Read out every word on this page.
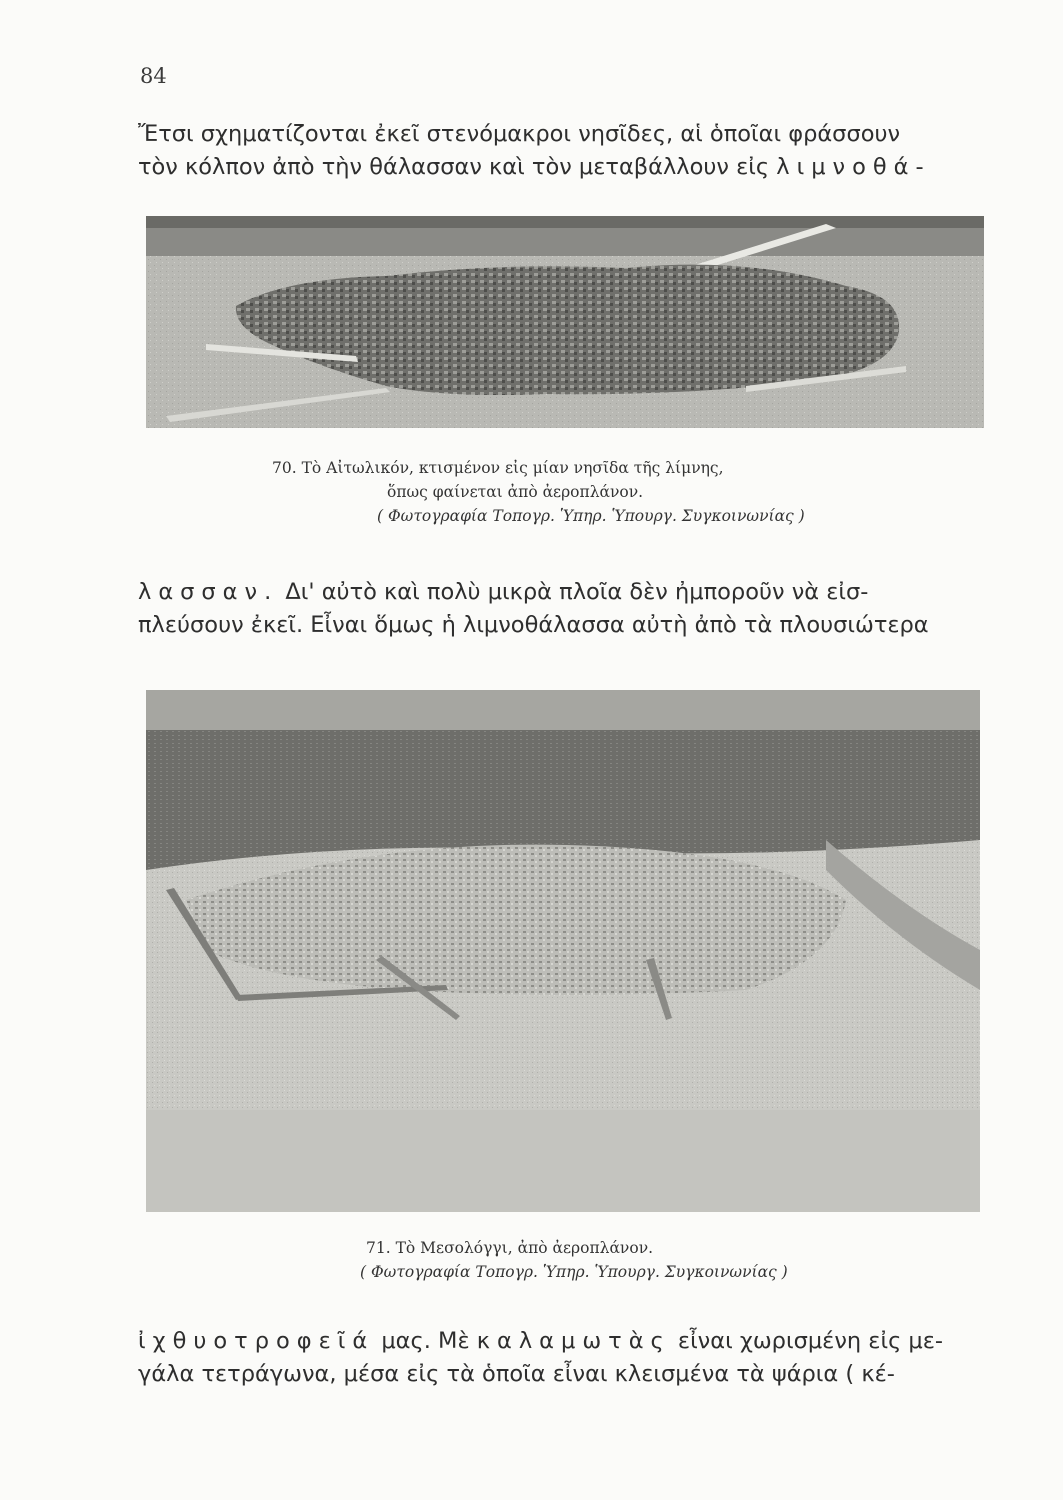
84
Ἔτσι σχηματίζονται ἐκεῖ στενόμακροι νησῖδες, αἱ ὁποῖαι φράσσουν
τὸν κόλπον ἀπὸ τὴν θάλασσαν καὶ τὸν μεταβάλλουν εἰς λιμνοθά-
70. Τὸ Αἰτωλικόν, κτισμένον εἰς μίαν νησῖδα τῆς λίμνης,
ὅπως φαίνεται ἀπὸ ἀεροπλάνον.
( Φωτογραφία Τοπογρ. Ὑπηρ. Ὑπουργ. Συγκοινωνίας )
λασσαν. Δι' αὐτὸ καὶ πολὺ μικρὰ πλοῖα δὲν ἠμποροῦν νὰ εἰσ-
πλεύσουν ἐκεῖ. Εἶναι ὅμως ἡ λιμνοθάλασσα αὐτὴ ἀπὸ τὰ πλουσιώτερα
71. Τὸ Μεσολόγγι, ἀπὸ ἀεροπλάνον.
( Φωτογραφία Τοπογρ. Ὑπηρ. Ὑπουργ. Συγκοινωνίας )
ἰχθυοτροφεῖά μας. Μὲ καλαμωτὰς εἶναι χωρισμένη εἰς με-
γάλα τετράγωνα, μέσα εἰς τὰ ὁποῖα εἶναι κλεισμένα τὰ ψάρια ( κέ-
